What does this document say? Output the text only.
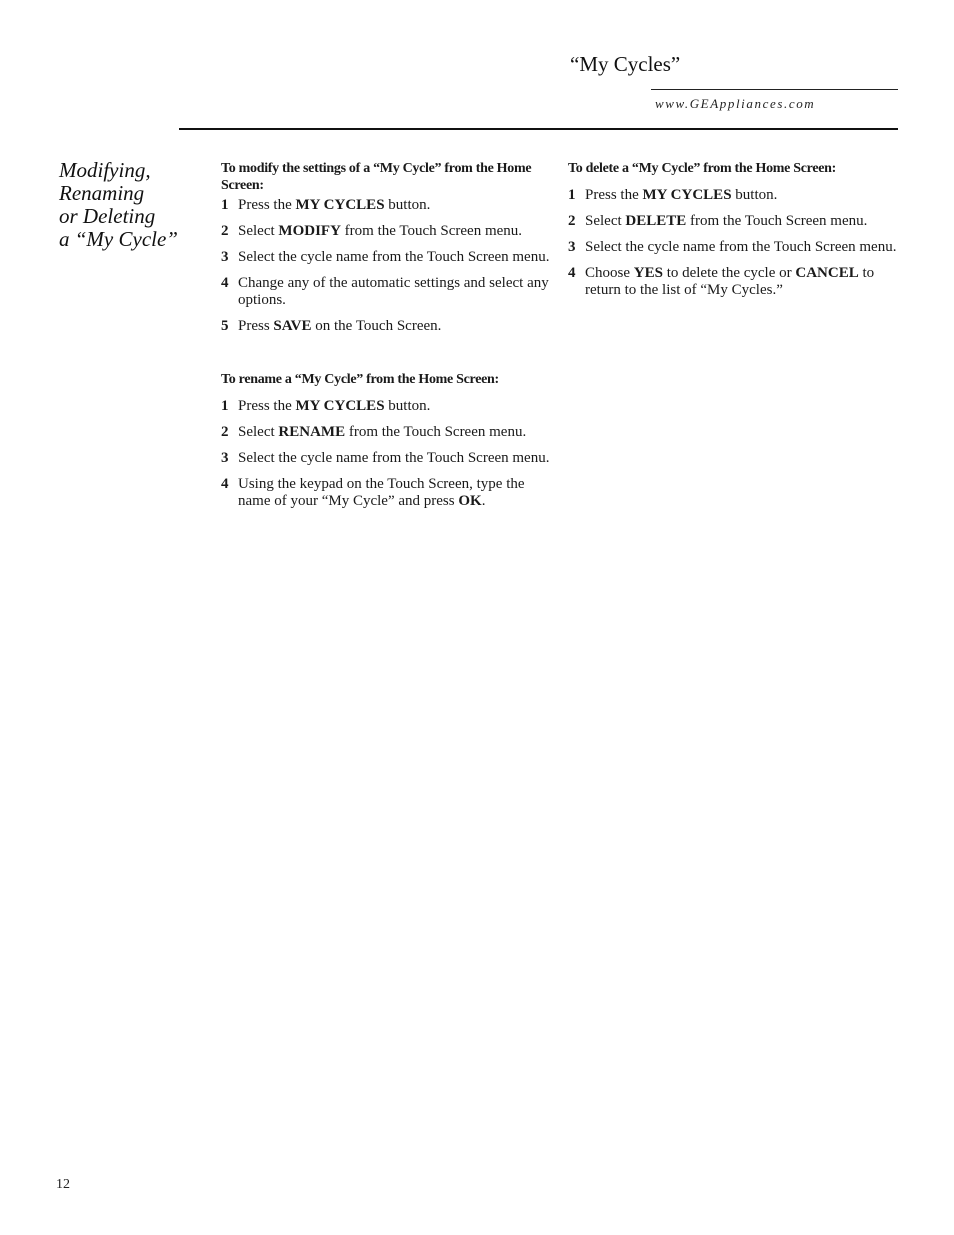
“My Cycles”
www.GEAppliances.com
Modifying,
Renaming
or Deleting
a “My Cycle”
To modify the settings of a “My Cycle” from the Home Screen:
1 Press the MY CYCLES button.
2 Select MODIFY from the Touch Screen menu.
3 Select the cycle name from the Touch Screen menu.
4 Change any of the automatic settings and select any options.
5 Press SAVE on the Touch Screen.
To rename a “My Cycle” from the Home Screen:
1 Press the MY CYCLES button.
2 Select RENAME from the Touch Screen menu.
3 Select the cycle name from the Touch Screen menu.
4 Using the keypad on the Touch Screen, type the name of your “My Cycle” and press OK.
To delete a “My Cycle” from the Home Screen:
1 Press the MY CYCLES button.
2 Select DELETE from the Touch Screen menu.
3 Select the cycle name from the Touch Screen menu.
4 Choose YES to delete the cycle or CANCEL to return to the list of “My Cycles.”
12
